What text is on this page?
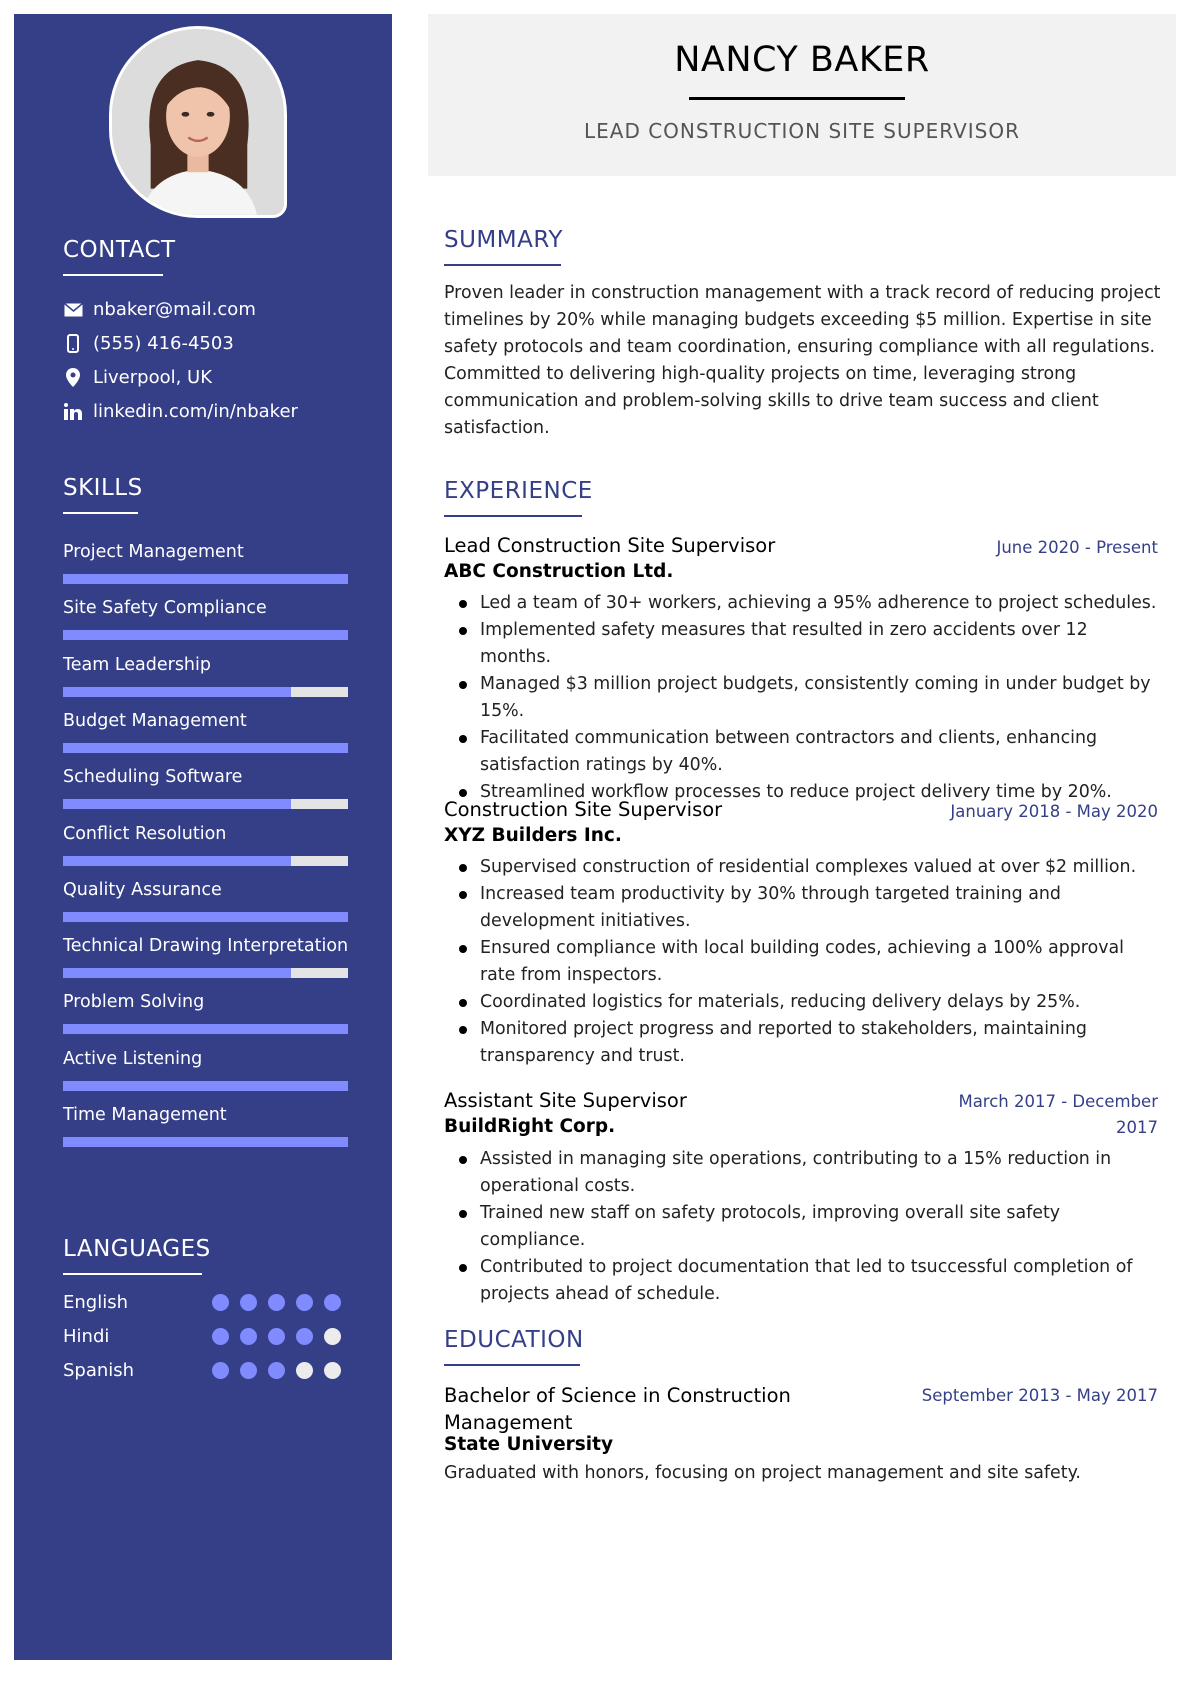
CONTACT
nbaker@mail.com
(555) 416-4503
Liverpool, UK
linkedin.com/in/nbaker
SKILLS
Project Management
Site Safety Compliance
Team Leadership
Budget Management
Scheduling Software
Conflict Resolution
Quality Assurance
Technical Drawing Interpretation
Problem Solving
Active Listening
Time Management
LANGUAGES
English
Hindi
Spanish
NANCY BAKER
LEAD CONSTRUCTION SITE SUPERVISOR
SUMMARY
Proven leader in construction management with a track record of reducing project timelines by 20% while managing budgets exceeding $5 million. Expertise in site safety protocols and team coordination, ensuring compliance with all regulations. Committed to delivering high-quality projects on time, leveraging strong communication and problem-solving skills to drive team success and client satisfaction.
EXPERIENCE
Lead Construction Site Supervisor	June 2020 - Present
ABC Construction Ltd.
Led a team of 30+ workers, achieving a 95% adherence to project schedules.
Implemented safety measures that resulted in zero accidents over 12 months.
Managed $3 million project budgets, consistently coming in under budget by 15%.
Facilitated communication between contractors and clients, enhancing satisfaction ratings by 40%.
Streamlined workflow processes to reduce project delivery time by 20%.
Construction Site Supervisor	January 2018 - May 2020
XYZ Builders Inc.
Supervised construction of residential complexes valued at over $2 million.
Increased team productivity by 30% through targeted training and development initiatives.
Ensured compliance with local building codes, achieving a 100% approval rate from inspectors.
Coordinated logistics for materials, reducing delivery delays by 25%.
Monitored project progress and reported to stakeholders, maintaining transparency and trust.
Assistant Site Supervisor	March 2017 - December
2017
BuildRight Corp.
Assisted in managing site operations, contributing to a 15% reduction in operational costs.
Trained new staff on safety protocols, improving overall site safety compliance.
Contributed to project documentation that led to tsuccessful completion of projects ahead of schedule.
EDUCATION
Bachelor of Science in Construction
Management
September 2013 - May 2017
State University
Graduated with honors, focusing on project management and site safety.
